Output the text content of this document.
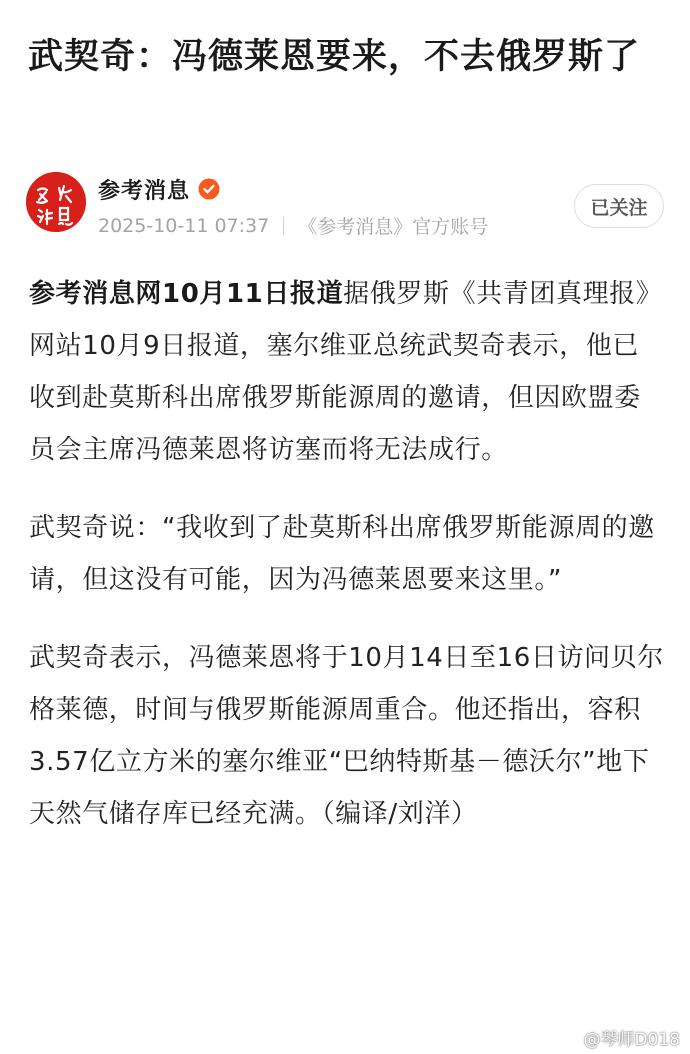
武契奇：冯德莱恩要来，不去俄罗斯了
参考消息
2025-10-11 07:37 《参考消息》官方账号
已关注

参考消息网10月11日报道据俄罗斯《共青团真理报》网站10月9日报道，塞尔维亚总统武契奇表示，他已收到赴莫斯科出席俄罗斯能源周的邀请，但因欧盟委员会主席冯德莱恩将访塞而将无法成行。

武契奇说：“我收到了赴莫斯科出席俄罗斯能源周的邀请，但这没有可能，因为冯德莱恩要来这里。”

武契奇表示，冯德莱恩将于10月14日至16日访问贝尔格莱德，时间与俄罗斯能源周重合。他还指出，容积3.57亿立方米的塞尔维亚“巴纳特斯基－德沃尔”地下天然气储存库已经充满。（编译/刘洋）

@琴师D018
